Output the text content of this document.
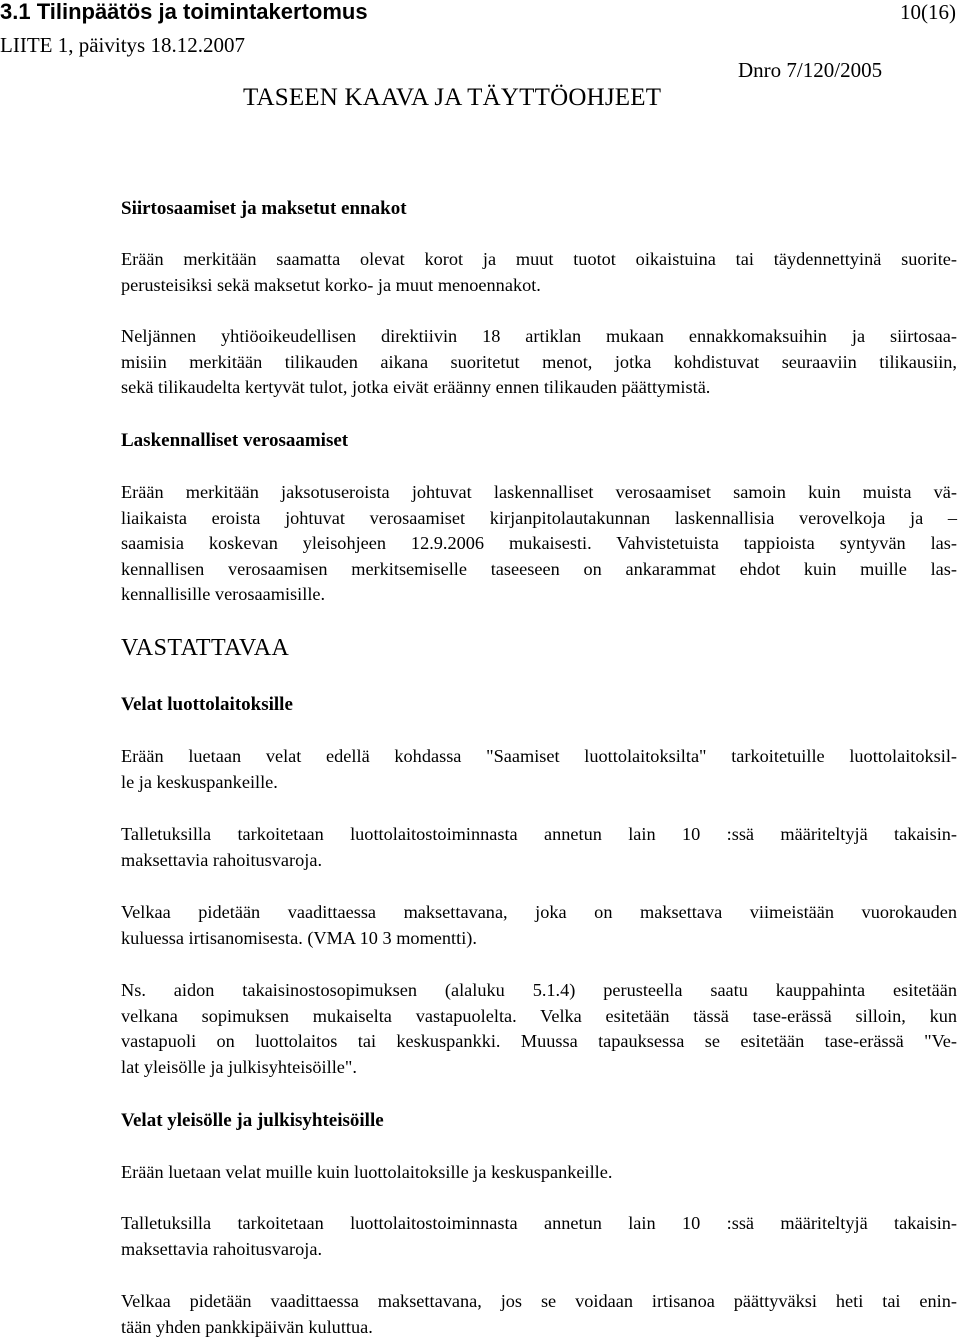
3.1 Tilinpäätös ja toimintakertomus	10(16)
LIITE 1, päivitys 18.12.2007
Dnro 7/120/2005
TASEEN KAAVA JA TÄYTTÖOHJEET
Siirtosaamiset ja maksetut ennakot
Erään merkitään saamatta olevat korot ja muut tuotot oikaistuina tai täydennettyinä suorite-
perusteisiksi sekä maksetut korko- ja muut menoennakot.
Neljännen yhtiöoikeudellisen direktiivin 18 artiklan mukaan ennakkomaksuihin ja siirtosaa-
misiin merkitään tilikauden aikana suoritetut menot, jotka kohdistuvat seuraaviin tilikausiin,
sekä tilikaudelta kertyvät tulot, jotka eivät eräänny ennen tilikauden päättymistä.
Laskennalliset verosaamiset
Erään merkitään jaksotuseroista johtuvat laskennalliset verosaamiset samoin kuin muista vä-
liaikaista eroista johtuvat verosaamiset kirjanpitolautakunnan laskennallisia verovelkoja ja –
saamisia koskevan yleisohjeen 12.9.2006 mukaisesti. Vahvistetuista tappioista syntyvän las-
kennallisen verosaamisen merkitsemiselle taseeseen on ankarammat ehdot kuin muille las-
kennallisille verosaamisille.
VASTATTAVAA
Velat luottolaitoksille
Erään luetaan velat edellä kohdassa "Saamiset luottolaitoksilta" tarkoitetuille luottolaitoksil-
le ja keskuspankeille.
Talletuksilla tarkoitetaan luottolaitostoiminnasta annetun lain 10 :ssä määriteltyjä takaisin-
maksettavia rahoitusvaroja.
Velkaa pidetään vaadittaessa maksettavana, joka on maksettava viimeistään vuorokauden
kuluessa irtisanomisesta. (VMA 10 3 momentti).
Ns. aidon takaisinostosopimuksen (alaluku 5.1.4) perusteella saatu kauppahinta esitetään
velkana sopimuksen mukaiselta vastapuolelta. Velka esitetään tässä tase-erässä silloin, kun
vastapuoli on luottolaitos tai keskuspankki. Muussa tapauksessa se esitetään tase-erässä "Ve-
lat yleisölle ja julkisyhteisöille".
Velat yleisölle ja julkisyhteisöille
Erään luetaan velat muille kuin luottolaitoksille ja keskuspankeille.
Talletuksilla tarkoitetaan luottolaitostoiminnasta annetun lain 10 :ssä määriteltyjä takaisin-
maksettavia rahoitusvaroja.
Velkaa pidetään vaadittaessa maksettavana, jos se voidaan irtisanoa päättyväksi heti tai enin-
tään yhden pankkipäivän kuluttua.
